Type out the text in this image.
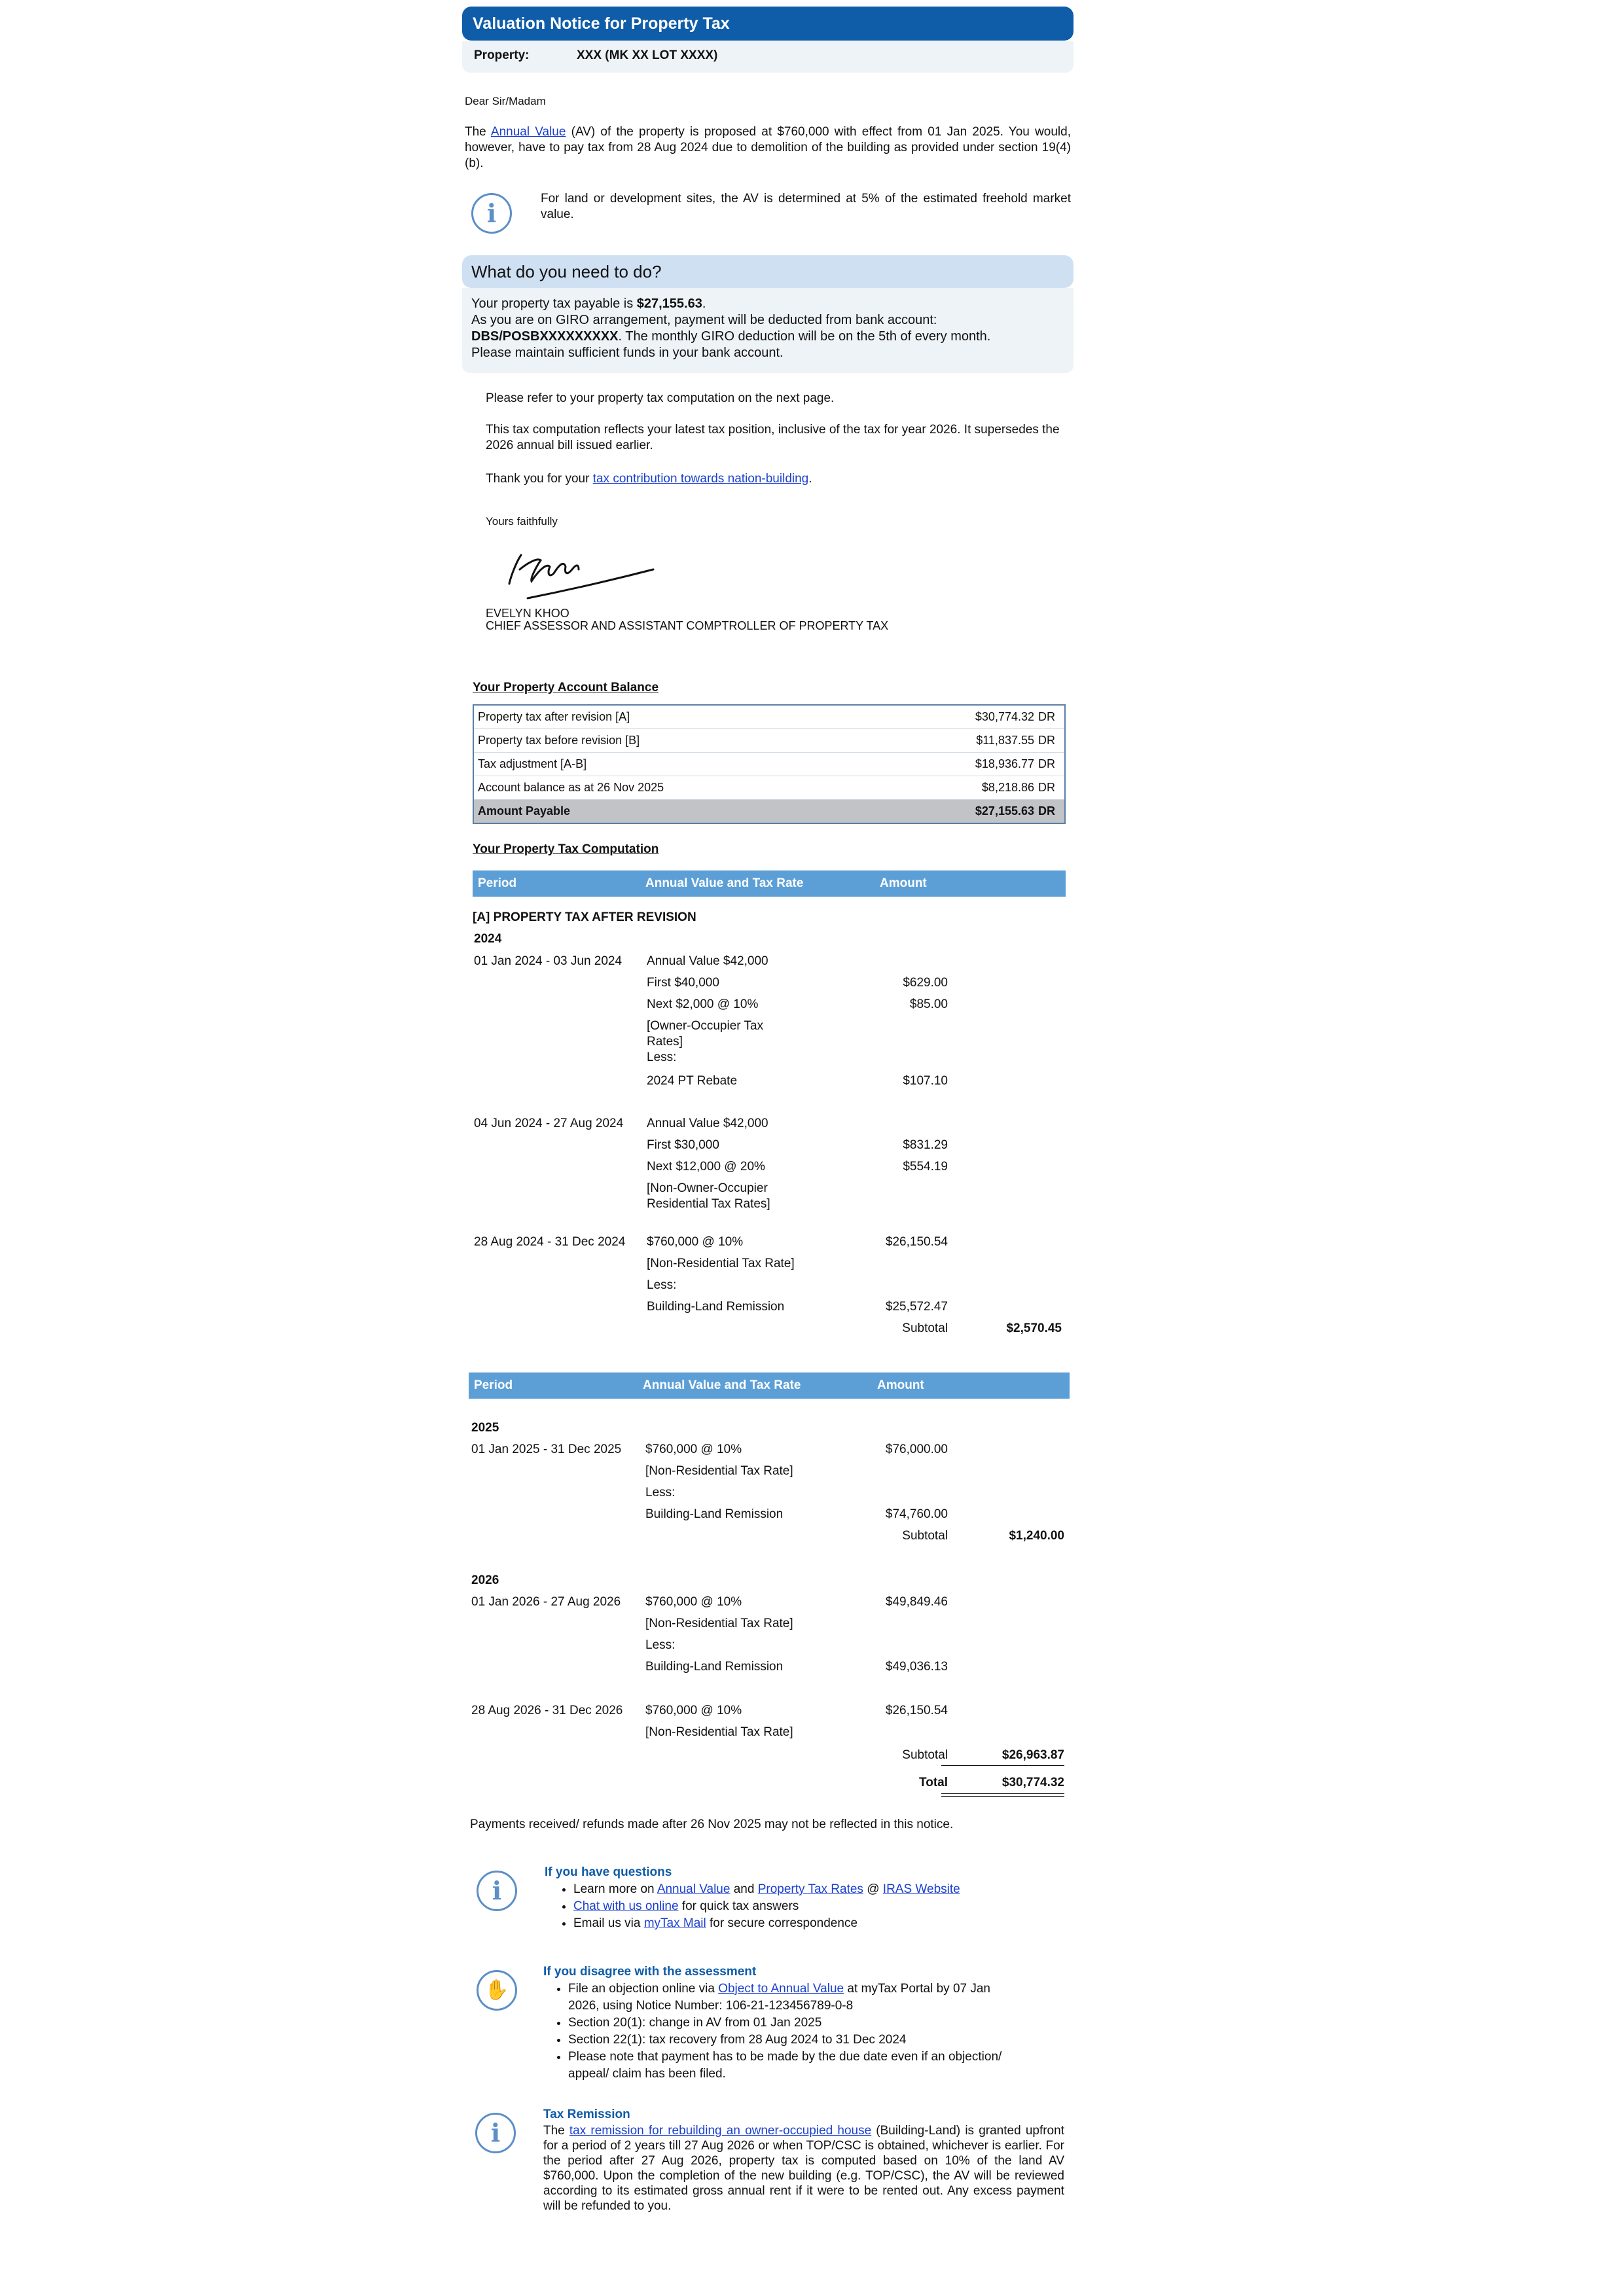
Valuation Notice for Property Tax
Property:	XXX (MK XX LOT XXXX)
Dear Sir/Madam
The Annual Value (AV) of the property is proposed at $760,000 with effect from 01 Jan 2025. You would, however, have to pay tax from 28 Aug 2024 due to demolition of the building as provided under section 19(4)(b).
i	For land or development sites, the AV is determined at 5% of the estimated freehold market value.
What do you need to do?
Your property tax payable is $27,155.63.
As you are on GIRO arrangement, payment will be deducted from bank account:
DBS/POSBXXXXXXXXX. The monthly GIRO deduction will be on the 5th of every month.
Please maintain sufficient funds in your bank account.
Please refer to your property tax computation on the next page.
This tax computation reflects your latest tax position, inclusive of the tax for year 2026. It supersedes the 2026 annual bill issued earlier.
Thank you for your tax contribution towards nation-building.
Yours faithfully
EVELYN KHOO
CHIEF ASSESSOR AND ASSISTANT COMPTROLLER OF PROPERTY TAX
Your Property Account Balance
Property tax after revision [A]	$30,774.32	DR
Property tax before revision [B]	$11,837.55	DR
Tax adjustment [A-B]	$18,936.77	DR
Account balance as at 26 Nov 2025	$8,218.86	DR
Amount Payable	$27,155.63	DR
Your Property Tax Computation
Period	Annual Value and Tax Rate	Amount
[A] PROPERTY TAX AFTER REVISION
2024
01 Jan 2024 - 03 Jun 2024 Annual Value $42,000
First $40,000	$629.00
Next $2,000 @ 10%	$85.00
[Owner-Occupier Tax
Rates]
Less:
2024 PT Rebate	$107.10
04 Jun 2024 - 27 Aug 2024 Annual Value $42,000
First $30,000	$831.29
Next $12,000 @ 20%	$554.19
[Non-Owner-Occupier
Residential Tax Rates]
28 Aug 2024 - 31 Dec 2024 $760,000 @ 10%	$26,150.54
[Non-Residential Tax Rate]
Less:
Building-Land Remission	$25,572.47
Subtotal	$2,570.45
Period	Annual Value and Tax Rate	Amount
2025
01 Jan 2025 - 31 Dec 2025 $760,000 @ 10%	$76,000.00
[Non-Residential Tax Rate]
Less:
Building-Land Remission	$74,760.00
Subtotal	$1,240.00
2026
01 Jan 2026 - 27 Aug 2026 $760,000 @ 10%	$49,849.46
[Non-Residential Tax Rate]
Less:
Building-Land Remission	$49,036.13
28 Aug 2026 - 31 Dec 2026 $760,000 @ 10%	$26,150.54
[Non-Residential Tax Rate]
Subtotal	$26,963.87
Total	$30,774.32
Payments received/ refunds made after 26 Nov 2025 may not be reflected in this notice.
i
If you have questions
• Learn more on Annual Value and Property Tax Rates @ IRAS Website
• Chat with us online for quick tax answers
• Email us via myTax Mail for secure correspondence
✋
If you disagree with the assessment
• File an objection online via Object to Annual Value at myTax Portal by 07 Jan
2026, using Notice Number: 106-21-123456789-0-8
• Section 20(1): change in AV from 01 Jan 2025
• Section 22(1): tax recovery from 28 Aug 2024 to 31 Dec 2024
• Please note that payment has to be made by the due date even if an objection/
appeal/ claim has been filed.
i
Tax Remission
The tax remission for rebuilding an owner-occupied house (Building-Land) is granted upfront for a period of 2 years till 27 Aug 2026 or when TOP/CSC is obtained, whichever is earlier. For the period after 27 Aug 2026, property tax is computed based on 10% of the land AV $760,000. Upon the completion of the new building (e.g. TOP/CSC), the AV will be reviewed according to its estimated gross annual rent if it were to be rented out. Any excess payment will be refunded to you.
